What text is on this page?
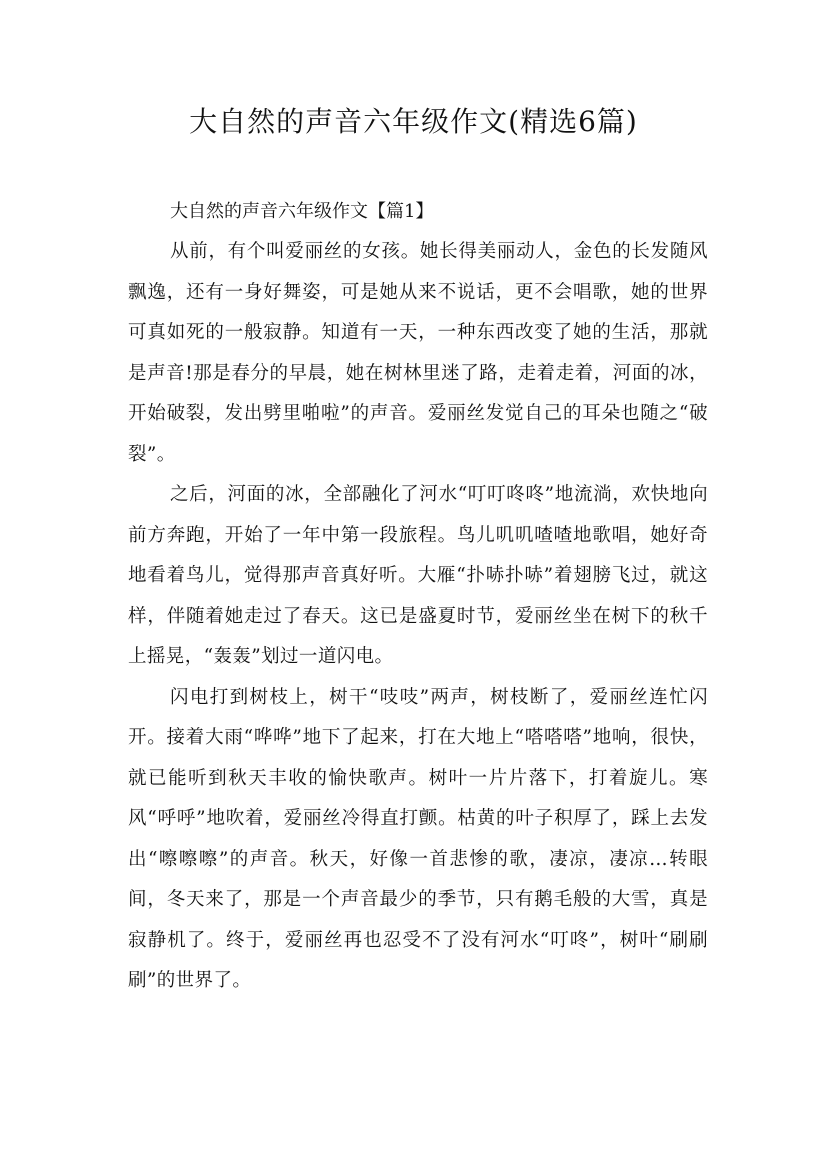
大自然的声音六年级作文(精选6篇)
大自然的声音六年级作文【篇1】

从前，有个叫爱丽丝的女孩。她长得美丽动人，金色的长发随风飘逸，还有一身好舞姿，可是她从来不说话，更不会唱歌，她的世界可真如死的一般寂静。知道有一天，一种东西改变了她的生活，那就是声音!那是春分的早晨，她在树林里迷了路，走着走着，河面的冰，开始破裂，发出劈里啪啦”的声音。爱丽丝发觉自己的耳朵也随之“破裂”。

之后，河面的冰，全部融化了河水“叮叮咚咚”地流淌，欢快地向前方奔跑，开始了一年中第一段旅程。鸟儿叽叽喳喳地歌唱，她好奇地看着鸟儿，觉得那声音真好听。大雁“扑哧扑哧”着翅膀飞过，就这样，伴随着她走过了春天。这已是盛夏时节，爱丽丝坐在树下的秋千上摇晃，“轰轰”划过一道闪电。

闪电打到树枝上，树干“吱吱”两声，树枝断了，爱丽丝连忙闪开。接着大雨“哗哗”地下了起来，打在大地上“嗒嗒嗒”地响，很快，就已能听到秋天丰收的愉快歌声。树叶一片片落下，打着旋儿。寒风“呼呼”地吹着，爱丽丝冷得直打颤。枯黄的叶子积厚了，踩上去发出“嚓嚓嚓”的声音。秋天，好像一首悲惨的歌，凄凉，凄凉…转眼间，冬天来了，那是一个声音最少的季节，只有鹅毛般的大雪，真是寂静机了。终于，爱丽丝再也忍受不了没有河水“叮咚”，树叶“刷刷刷”的世界了。
